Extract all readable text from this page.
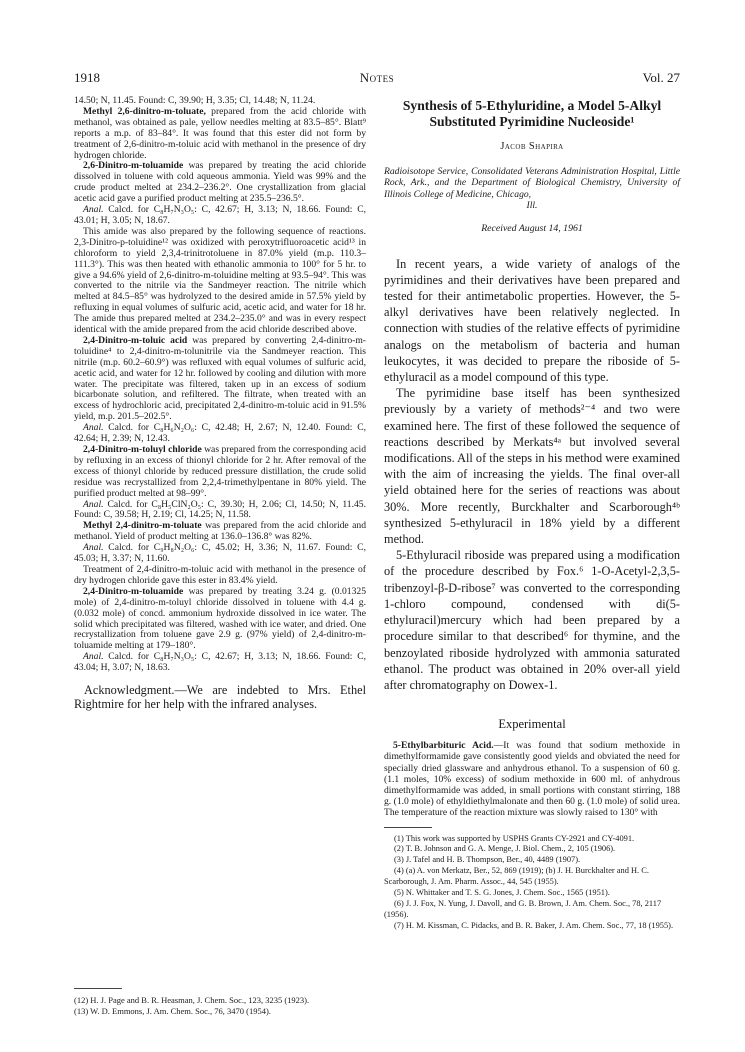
1918	Notes	Vol. 27

14.50; N, 11.45. Found: C, 39.90; H, 3.35; Cl, 14.48; N, 11.24.

Methyl 2,6-dinitro-m-toluate, prepared from the acid chloride with methanol, was obtained as pale, yellow needles melting at 83.5–85°. Blatt⁹ reports a m.p. of 83–84°. It was found that this ester did not form by treatment of 2,6-dinitro-m-toluic acid with methanol in the presence of dry hydrogen chloride.

2,6-Dinitro-m-toluamide was prepared by treating the acid chloride dissolved in toluene with cold aqueous ammonia. Yield was 99% and the crude product melted at 234.2–236.2°. One crystallization from glacial acetic acid gave a purified product melting at 235.5–236.5°.

Anal. Calcd. for C₈H₇N₃O₅: C, 42.67; H, 3.13; N, 18.66. Found: C, 43.01; H, 3.05; N, 18.67.

This amide was also prepared by the following sequence of reactions. 2,3-Dinitro-p-toluidine¹² was oxidized with peroxytrifluoroacetic acid¹³ in chloroform to yield 2,3,4-trinitrotoluene in 87.0% yield (m.p. 110.3–111.3°). This was then heated with ethanolic ammonia to 100° for 5 hr. to give a 94.6% yield of 2,6-dinitro-m-toluidine melting at 93.5–94°. This was converted to the nitrile via the Sandmeyer reaction. The nitrile which melted at 84.5–85° was hydrolyzed to the desired amide in 57.5% yield by refluxing in equal volumes of sulfuric acid, acetic acid, and water for 18 hr. The amide thus prepared melted at 234.2–235.0° and was in every respect identical with the amide prepared from the acid chloride described above.

2,4-Dinitro-m-toluic acid was prepared by converting 2,4-dinitro-m-toluidine⁴ to 2,4-dinitro-m-tolunitrile via the Sandmeyer reaction. This nitrile (m.p. 60.2–60.9°) was refluxed with equal volumes of sulfuric acid, acetic acid, and water for 12 hr. followed by cooling and dilution with more water. The precipitate was filtered, taken up in an excess of sodium bicarbonate solution, and refiltered. The filtrate, when treated with an excess of hydrochloric acid, precipitated 2,4-dinitro-m-toluic acid in 91.5% yield, m.p. 201.5–202.5°.

Anal. Calcd. for C₈H₆N₂O₆: C, 42.48; H, 2.67; N, 12.40. Found: C, 42.64; H, 2.39; N, 12.43.

2,4-Dinitro-m-toluyl chloride was prepared from the corresponding acid by refluxing in an excess of thionyl chloride for 2 hr. After removal of the excess of thionyl chloride by reduced pressure distillation, the crude solid residue was recrystallized from 2,2,4-trimethylpentane in 80% yield. The purified product melted at 98–99°.

Anal. Calcd. for C₈H₅ClN₂O₅: C, 39.30; H, 2.06; Cl, 14.50; N, 11.45. Found: C, 39.58; H, 2.19; Cl, 14.25; N, 11.58.

Methyl 2,4-dinitro-m-toluate was prepared from the acid chloride and methanol. Yield of product melting at 136.0–136.8° was 82%.

Anal. Calcd. for C₉H₈N₂O₆: C, 45.02; H, 3.36; N, 11.67. Found: C, 45.03; H, 3.37; N, 11.60.

Treatment of 2,4-dinitro-m-toluic acid with methanol in the presence of dry hydrogen chloride gave this ester in 83.4% yield.

2,4-Dinitro-m-toluamide was prepared by treating 3.24 g. (0.01325 mole) of 2,4-dinitro-m-toluyl chloride dissolved in toluene with 4.4 g. (0.032 mole) of concd. ammonium hydroxide dissolved in ice water. The solid which precipitated was filtered, washed with ice water, and dried. One recrystallization from toluene gave 2.9 g. (97% yield) of 2,4-dinitro-m-toluamide melting at 179–180°.

Anal. Calcd. for C₈H₇N₃O₅: C, 42.67; H, 3.13; N, 18.66. Found: C, 43.04; H, 3.07; N, 18.63.

Acknowledgment.—We are indebted to Mrs. Ethel Rightmire for her help with the infrared analyses.

(12) H. J. Page and B. R. Heasman, J. Chem. Soc., 123, 3235 (1923).

(13) W. D. Emmons, J. Am. Chem. Soc., 76, 3470 (1954).

Synthesis of 5-Ethyluridine, a Model 5-Alkyl Substituted Pyrimidine Nucleoside¹
Jacob Shapira
Radioisotope Service, Consolidated Veterans Administration Hospital, Little Rock, Ark., and the Department of Biological Chemistry, University of Illinois College of Medicine, Chicago,
Ill.
Received August 14, 1961

In recent years, a wide variety of analogs of the pyrimidines and their derivatives have been prepared and tested for their antimetabolic properties. However, the 5-alkyl derivatives have been relatively neglected. In connection with studies of the relative effects of pyrimidine analogs on the metabolism of bacteria and human leukocytes, it was decided to prepare the riboside of 5-ethyluracil as a model compound of this type.

The pyrimidine base itself has been synthesized previously by a variety of methods²⁻⁴ and two were examined here. The first of these followed the sequence of reactions described by Merkats⁴ᵃ but involved several modifications. All of the steps in his method were examined with the aim of increasing the yields. The final over-all yield obtained here for the series of reactions was about 30%. More recently, Burckhalter and Scarborough⁴ᵇ synthesized 5-ethyluracil in 18% yield by a different method.

5-Ethyluracil riboside was prepared using a modification of the procedure described by Fox.⁶ 1-O-Acetyl-2,3,5-tribenzoyl-β-D-ribose⁷ was converted to the corresponding 1-chloro compound, condensed with di(5-ethyluracil)mercury which had been prepared by a procedure similar to that described⁶ for thymine, and the benzoylated riboside hydrolyzed with ammonia saturated ethanol. The product was obtained in 20% over-all yield after chromatography on Dowex-1.

Experimental

5-Ethylbarbituric Acid.—It was found that sodium methoxide in dimethylformamide gave consistently good yields and obviated the need for specially dried glassware and anhydrous ethanol. To a suspension of 60 g. (1.1 moles, 10% excess) of sodium methoxide in 600 ml. of anhydrous dimethylformamide was added, in small portions with constant stirring, 188 g. (1.0 mole) of ethyldiethylmalonate and then 60 g. (1.0 mole) of solid urea. The temperature of the reaction mixture was slowly raised to 130° with

(1) This work was supported by USPHS Grants CY-2921 and CY-4091.

(2) T. B. Johnson and G. A. Menge, J. Biol. Chem., 2, 105 (1906).

(3) J. Tafel and H. B. Thompson, Ber., 40, 4489 (1907).

(4) (a) A. von Merkatz, Ber., 52, 869 (1919); (b) J. H. Burckhalter and H. C. Scarborough, J. Am. Pharm. Assoc., 44, 545 (1955).

(5) N. Whittaker and T. S. G. Jones, J. Chem. Soc., 1565 (1951).

(6) J. J. Fox, N. Yung, J. Davoll, and G. B. Brown, J. Am. Chem. Soc., 78, 2117 (1956).

(7) H. M. Kissman, C. Pidacks, and B. R. Baker, J. Am. Chem. Soc., 77, 18 (1955).
